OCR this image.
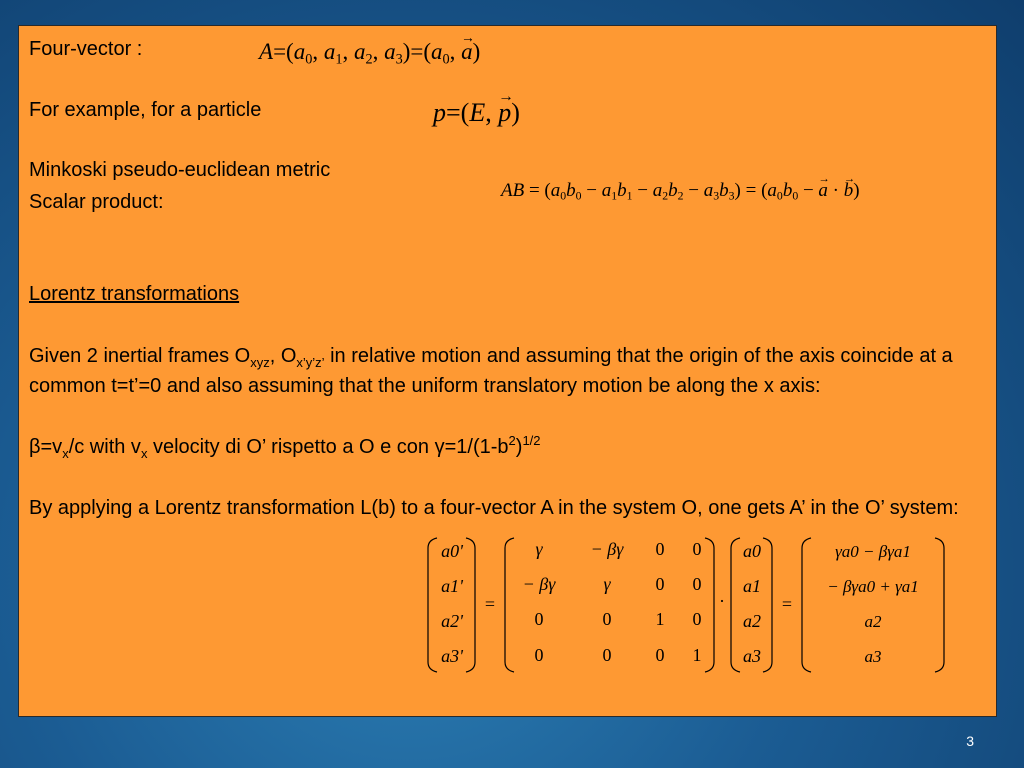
Four-vector :	$A=(a_0$, $a_1$, $a_2$, $a_3)=(a_0$, → a)
For example, for a particle	p=(E, → p)
Minkoski pseudo-euclidean metric
Scalar product:
AB = $(a_0b_0 - a_1b_1 - a_2b_2 - a_3b_3) = (a_0b_0$ − → a · → b)
Lorentz transformations
Given 2 inertial frames $O_{xyz}$, $O_{x’y’z’}$ in relative motion and assuming that the origin of the axis coincide at a common t=t’=0 and also assuming that the uniform translatory motion be along the x axis:
$\beta=v_x/c$ with $v_x$ velocity di O’ rispetto a O e con $\gamma=1/(1-b^2)^{1/2}$
By applying a Lorentz transformation L(b) to a four-vector A in the system O, one gets A’ in the O’ system:
a0'
a1'
a2'
a3'
=
γ	− βγ 0 0
− βγ	γ 0 0
0	0 1 0
0	0 0 1
·
a0
a1
a2
a3
=
γa0 − βγa1
− βγa0 + γa1
a2
a3
3
